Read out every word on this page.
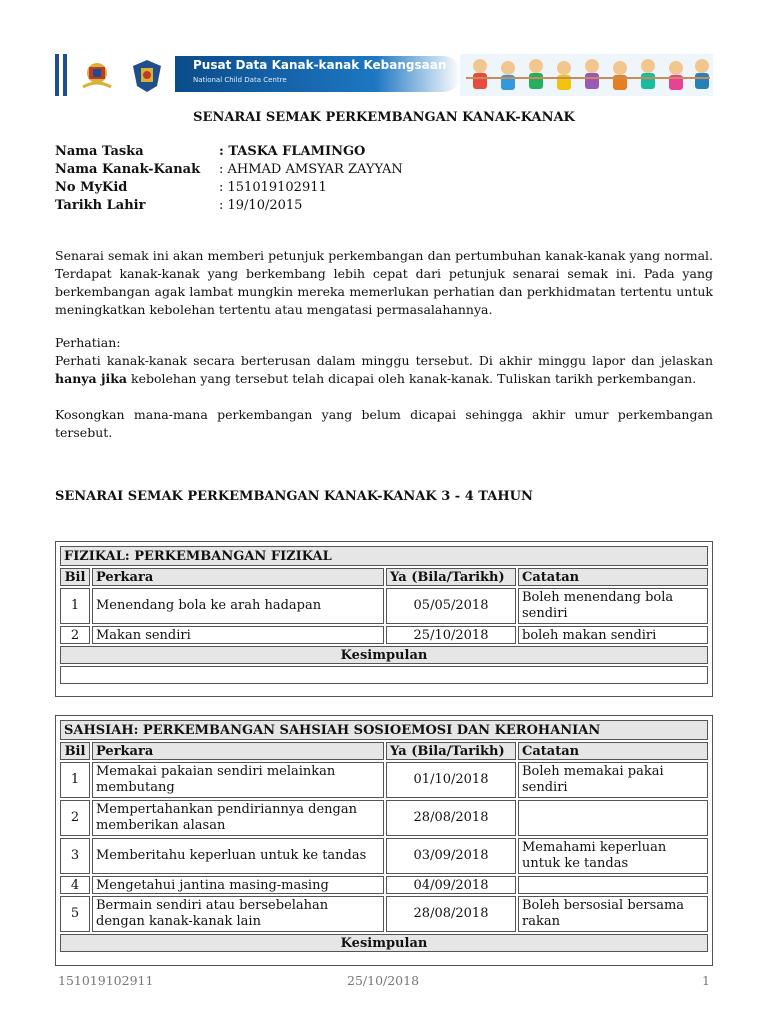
Pusat Data Kanak-kanak Kebangsaan
National Child Data Centre
SENARAI SEMAK PERKEMBANGAN KANAK-KANAK
Nama Taska	: TASKA FLAMINGO
Nama Kanak-Kanak	: AHMAD AMSYAR ZAYYAN
No MyKid	: 151019102911
Tarikh Lahir	: 19/10/2015
Senarai semak ini akan memberi petunjuk perkembangan dan pertumbuhan kanak-kanak yang normal. Terdapat kanak-kanak yang berkembang lebih cepat dari petunjuk senarai semak ini. Pada yang berkembangan agak lambat mungkin mereka memerlukan perhatian dan perkhidmatan tertentu untuk meningkatkan kebolehan tertentu atau mengatasi permasalahannya.
Perhatian:
Perhati kanak-kanak secara berterusan dalam minggu tersebut. Di akhir minggu lapor dan jelaskan hanya jika kebolehan yang tersebut telah dicapai oleh kanak-kanak. Tuliskan tarikh perkembangan.
Kosongkan mana-mana perkembangan yang belum dicapai sehingga akhir umur perkembangan tersebut.
SENARAI SEMAK PERKEMBANGAN KANAK-KANAK 3 - 4 TAHUN
FIZIKAL: PERKEMBANGAN FIZIKAL			
Bil	Perkara	Ya (Bila/Tarikh)	Catatan
1	Menendang bola ke arah hadapan	05/05/2018	Boleh menendang bola sendiri
2	Makan sendiri	25/10/2018	boleh makan sendiri
Kesimpulan			

SAHSIAH: PERKEMBANGAN SAHSIAH SOSIOEMOSI DAN KEROHANIAN			
Bil	Perkara	Ya (Bila/Tarikh)	Catatan
1	Memakai pakaian sendiri melainkan membutang	01/10/2018	Boleh memakai pakai sendiri
2	Mempertahankan pendiriannya dengan memberikan alasan	28/08/2018	
3	Memberitahu keperluan untuk ke tandas	03/09/2018	Memahami keperluan untuk ke tandas
4	Mengetahui jantina masing-masing	04/09/2018	
5	Bermain sendiri atau bersebelahan dengan kanak-kanak lain	28/08/2018	Boleh bersosial bersama rakan
Kesimpulan			
151019102911	25/10/2018	1
